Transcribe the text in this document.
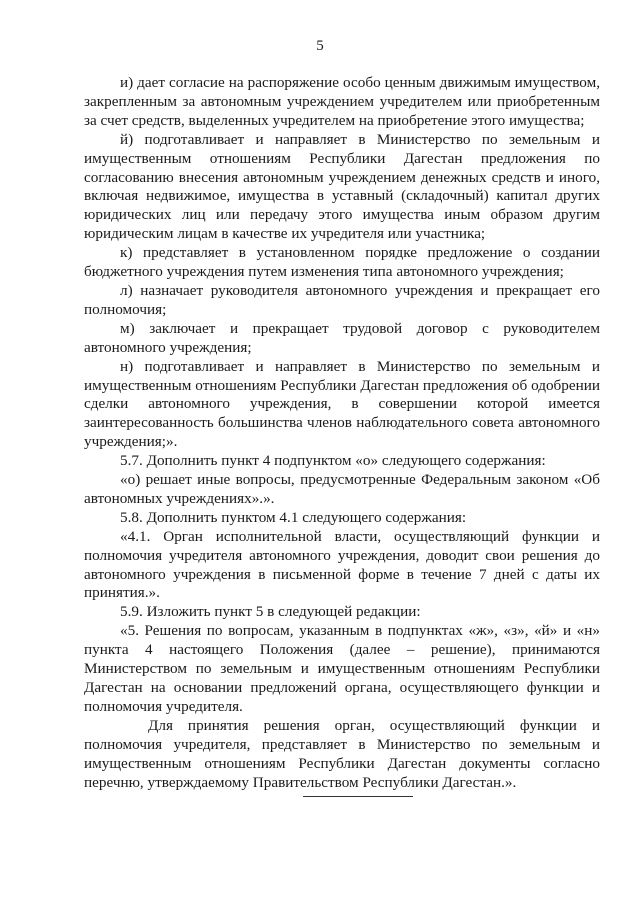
5

и) дает согласие на распоряжение особо ценным движимым имуществом, закрепленным за автономным учреждением учредителем или приобретенным за счет средств, выделенных учредителем на приобретение этого имущества;

й) подготавливает и направляет в Министерство по земельным и имущественным отношениям Республики Дагестан предложения по согласованию внесения автономным учреждением денежных средств и иного, включая недвижимое, имущества в уставный (складочный) капитал других юридических лиц или передачу этого имущества иным образом другим юридическим лицам в качестве их учредителя или участника;

к) представляет в установленном порядке предложение о создании бюджетного учреждения путем изменения типа автономного учреждения;

л) назначает руководителя автономного учреждения и прекращает его полномочия;

м) заключает и прекращает трудовой договор с руководителем автономного учреждения;

н) подготавливает и направляет в Министерство по земельным и имущественным отношениям Республики Дагестан предложения об одобрении сделки автономного учреждения, в совершении которой имеется заинтересованность большинства членов наблюдательного совета автономного учреждения;».

5.7. Дополнить пункт 4 подпунктом «о» следующего содержания:

«о) решает иные вопросы, предусмотренные Федеральным законом «Об автономных учреждениях».».

5.8. Дополнить пунктом 4.1 следующего содержания:

«4.1. Орган исполнительной власти, осуществляющий функции и полномочия учредителя автономного учреждения, доводит свои решения до автономного учреждения в письменной форме в течение 7 дней с даты их принятия.».

5.9. Изложить пункт 5 в следующей редакции:

«5. Решения по вопросам, указанным в подпунктах «ж», «з», «й» и «н» пункта 4 настоящего Положения (далее – решение), принимаются Министерством по земельным и имущественным отношениям Республики Дагестан на основании предложений органа, осуществляющего функции и полномочия учредителя.

Для принятия решения орган, осуществляющий функции и полномочия учредителя, представляет в Министерство по земельным и имущественным отношениям Республики Дагестан документы согласно перечню, утверждаемому Правительством Республики Дагестан.».
